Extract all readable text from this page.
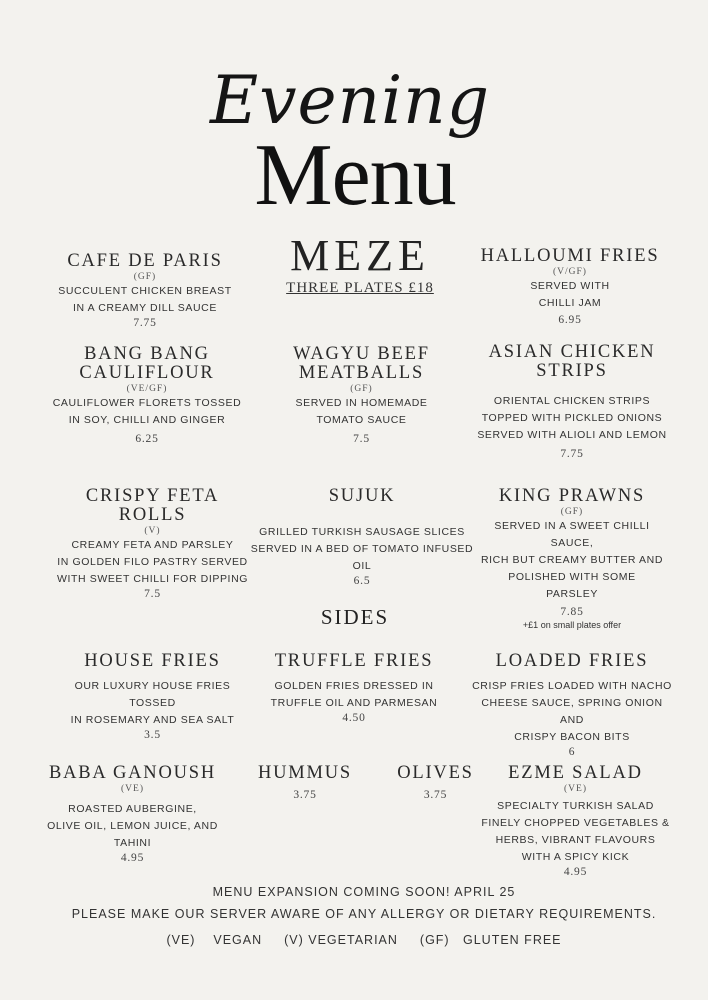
Evening
Menu
MEZE
THREE PLATES £18
CAFE DE PARIS
(GF)
SUCCULENT CHICKEN BREAST
IN A CREAMY DILL SAUCE
7.75
HALLOUMI FRIES
(V/GF)
SERVED WITH
CHILLI JAM
6.95
BANG BANG
CAULIFLOUR
(VE/GF)
CAULIFLOWER FLORETS TOSSED
IN SOY, CHILLI AND GINGER
6.25
WAGYU BEEF
MEATBALLS
(GF)
SERVED IN HOMEMADE
TOMATO SAUCE
7.5
ASIAN CHICKEN
STRIPS
ORIENTAL CHICKEN STRIPS
TOPPED WITH PICKLED ONIONS
SERVED WITH ALIOLI AND LEMON
7.75
CRISPY FETA
ROLLS
(V)
CREAMY FETA AND PARSLEY
IN GOLDEN FILO PASTRY SERVED
WITH SWEET CHILLI FOR DIPPING
7.5
SUJUK
GRILLED TURKISH SAUSAGE SLICES
SERVED IN A BED OF TOMATO INFUSED OIL
6.5
KING PRAWNS
(GF)
SERVED IN A SWEET CHILLI SAUCE,
RICH BUT CREAMY BUTTER AND
POLISHED WITH SOME
PARSLEY
7.85
+£1 on small plates offer
SIDES
HOUSE FRIES
OUR LUXURY HOUSE FRIES TOSSED
IN ROSEMARY AND SEA SALT
3.5
TRUFFLE FRIES
GOLDEN FRIES DRESSED IN
TRUFFLE OIL AND PARMESAN
4.50
LOADED FRIES
CRISP FRIES LOADED WITH NACHO
CHEESE SAUCE, SPRING ONION AND
CRISPY BACON BITS
6
BABA GANOUSH
(VE)
ROASTED AUBERGINE,
OLIVE OIL, LEMON JUICE, AND TAHINI
4.95
HUMMUS
3.75
OLIVES
3.75
EZME SALAD
(VE)
SPECIALTY TURKISH SALAD
FINELY CHOPPED VEGETABLES &
HERBS, VIBRANT FLAVOURS
WITH A SPICY KICK
4.95
MENU EXPANSION COMING SOON! APRIL 25
PLEASE MAKE OUR SERVER AWARE OF ANY ALLERGY OR DIETARY REQUIREMENTS.
(VE)    VEGAN (V) VEGETARIAN (GF)   GLUTEN FREE
